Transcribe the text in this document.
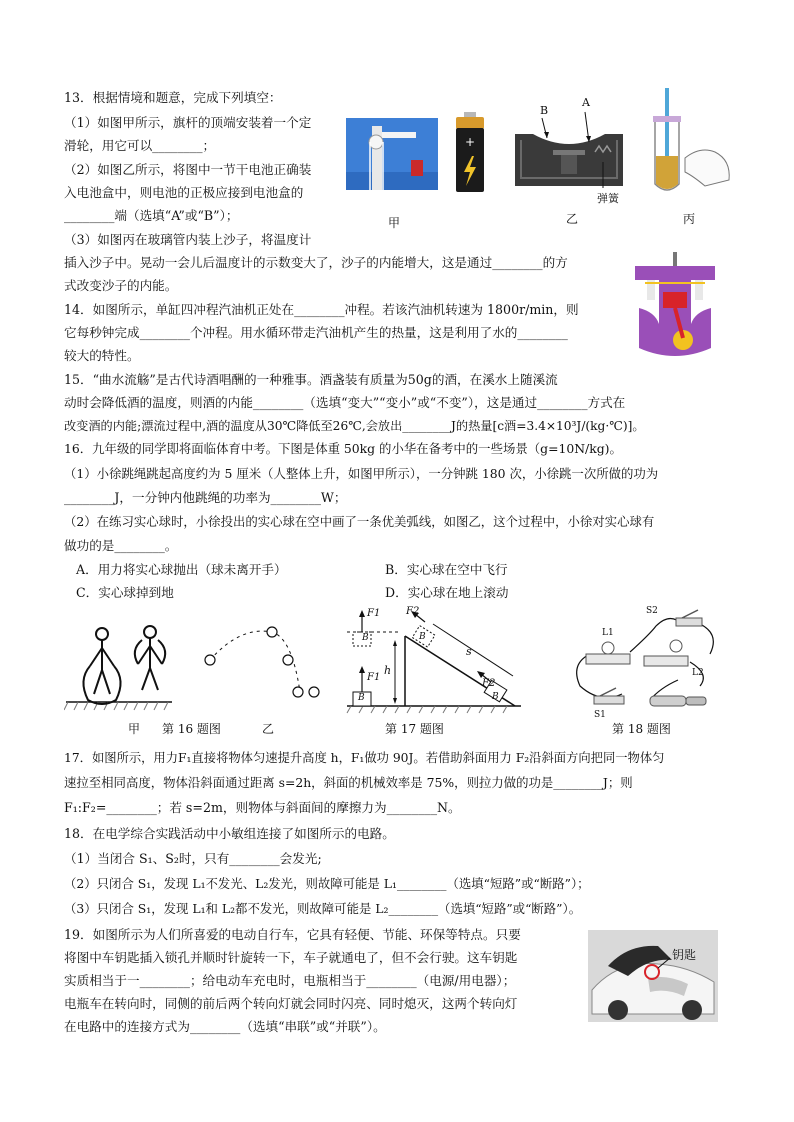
13．根据情境和题意，完成下列填空：
（1）如图甲所示，旗杆的顶端安装着一个定
滑轮，用它可以________；
（2）如图乙所示，将图中一节干电池正确装
入电池盒中，则电池的正极应接到电池盒的
________端（选填“A”或“B”）；
（3）如图丙在玻璃管内装上沙子，将温度计
插入沙子中。晃动一会儿后温度计的示数变大了，沙子的内能增大，这是通过________的方
式改变沙子的内能。
甲
+
B
A
弹簧
乙	丙
14．如图所示，单缸四冲程汽油机正处在________冲程。若该汽油机转速为 1800r/min，则
它每秒钟完成________个冲程。用水循环带走汽油机产生的热量，这是利用了水的________
较大的特性。
15．“曲水流觞”是古代诗酒唱酬的一种雅事。酒盏装有质量为50g的酒，在溪水上随溪流
动时会降低酒的温度，则酒的内能________（选填“变大”“变小”或“不变”），这是通过________方式在
改变酒的内能;漂流过程中,酒的温度从30℃降低至26℃,会放出________J的热量[c酒=3.4×10³J/(kg·℃)]。
16．九年级的同学即将面临体育中考。下图是体重 50kg 的小华在备考中的一些场景（g=10N/kg)。
（1）小徐跳绳跳起高度约为 5 厘米（人整体上升，如图甲所示），一分钟跳 180 次，小徐跳一次所做的功为
________J，一分钟内他跳绳的功率为________W；
（2）在练习实心球时，小徐投出的实心球在空中画了一条优美弧线，如图乙，这个过程中，小徐对实心球有
做功的是________。
A．用力将实心球抛出（球未离开手）	B．实心球在空中飞行
C．实心球掉到地	D．实心球在地上滚动
甲 第 16 题图	乙
F1
F1
F2
F2
h
s
B
B
B
B
第 17 题图
S2
L1
L2
S1
第 18 题图
17．如图所示，用力F₁直接将物体匀速提升高度 h，F₁做功 90J。若借助斜面用力 F₂沿斜面方向把同一物体匀
速拉至相同高度，物体沿斜面通过距离 s=2h，斜面的机械效率是 75%，则拉力做的功是________J；则
F₁:F₂=________；若 s=2m，则物体与斜面间的摩擦力为________N。
18．在电学综合实践活动中小敏组连接了如图所示的电路。
（1）当闭合 S₁、S₂时，只有________会发光;
（2）只闭合 S₁，发现 L₁不发光、L₂发光，则故障可能是 L₁________（选填“短路”或“断路”）；
（3）只闭合 S₁，发现 L₁和 L₂都不发光，则故障可能是 L₂________（选填“短路”或“断路”）。
19．如图所示为人们所喜爱的电动自行车，它具有轻便、节能、环保等特点。只要
将图中车钥匙插入锁孔并顺时针旋转一下，车子就通电了，但不会行驶。这车钥匙
实质相当于一________；给电动车充电时，电瓶相当于________（电源/用电器）；
电瓶车在转向时，同侧的前后两个转向灯就会同时闪亮、同时熄灭，这两个转向灯
在电路中的连接方式为________（选填“串联”或“并联”）。
钥匙
